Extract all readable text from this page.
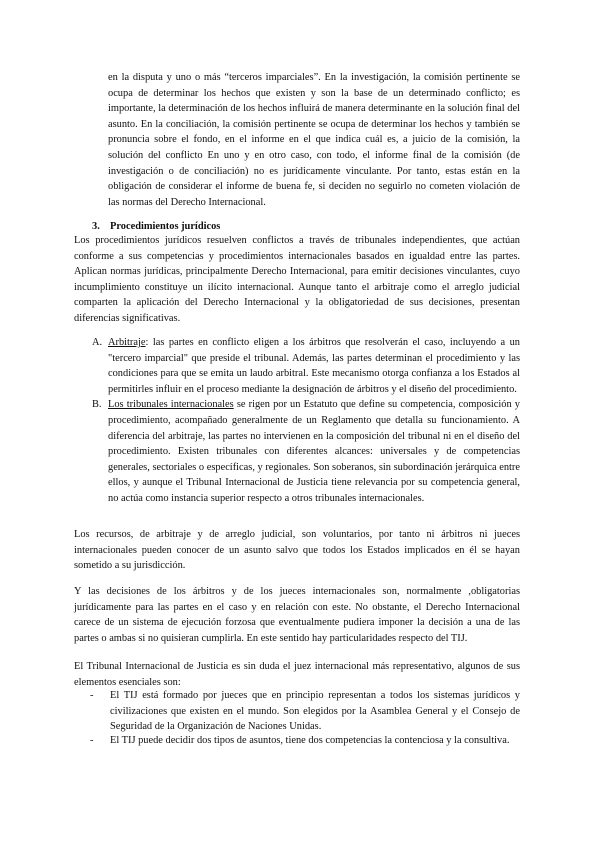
en la disputa y uno o más “terceros imparciales”. En la investigación, la comisión pertinente se ocupa de determinar los hechos que existen y son la base de un determinado conflicto; es importante, la determinación de los hechos influirá de manera determinante en la solución final del asunto. En la conciliación, la comisión pertinente se ocupa de determinar los hechos y también se pronuncia sobre el fondo, en el informe en el que indica cuál es, a juicio de la comisión, la solución del conflicto En uno y en otro caso, con todo, el informe final de la comisión (de investigación o de conciliación) no es jurídicamente vinculante. Por tanto, estas están en la obligación de considerar el informe de buena fe, si deciden no seguirlo no cometen violación de las normas del Derecho Internacional.

3. Procedimientos jurídicos

Los procedimientos jurídicos resuelven conflictos a través de tribunales independientes, que actúan conforme a sus competencias y procedimientos internacionales basados en igualdad entre las partes. Aplican normas jurídicas, principalmente Derecho Internacional, para emitir decisiones vinculantes, cuyo incumplimiento constituye un ilícito internacional. Aunque tanto el arbitraje como el arreglo judicial comparten la aplicación del Derecho Internacional y la obligatoriedad de sus decisiones, presentan diferencias significativas.

A. Arbitraje: las partes en conflicto eligen a los árbitros que resolverán el caso, incluyendo a un "tercero imparcial" que preside el tribunal. Además, las partes determinan el procedimiento y las condiciones para que se emita un laudo arbitral. Este mecanismo otorga confianza a los Estados al permitirles influir en el proceso mediante la designación de árbitros y el diseño del procedimiento.

B. Los tribunales internacionales se rigen por un Estatuto que define su competencia, composición y procedimiento, acompañado generalmente de un Reglamento que detalla su funcionamiento. A diferencia del arbitraje, las partes no intervienen en la composición del tribunal ni en el diseño del procedimiento. Existen tribunales con diferentes alcances: universales y de competencias generales, sectoriales o específicas, y regionales. Son soberanos, sin subordinación jerárquica entre ellos, y aunque el Tribunal Internacional de Justicia tiene relevancia por su competencia general, no actúa como instancia superior respecto a otros tribunales internacionales.

Los recursos, de arbitraje y de arreglo judicial, son voluntarios, por tanto ni árbitros ni jueces internacionales pueden conocer de un asunto salvo que todos los Estados implicados en él se hayan sometido a su jurisdicción.

Y las decisiones de los árbitros y de los jueces internacionales son, normalmente ,obligatorias jurídicamente para las partes en el caso y en relación con este. No obstante, el Derecho Internacional carece de un sistema de ejecución forzosa que eventualmente pudiera imponer la decisión a una de las partes o ambas si no quisieran cumplirla. En este sentido hay particularidades respecto del TIJ.

El Tribunal Internacional de Justicia es sin duda el juez internacional más representativo, algunos de sus elementos esenciales son:

-	El TIJ está formado por jueces que en principio representan a todos los sistemas jurídicos y civilizaciones que existen en el mundo. Son elegidos por la Asamblea General y el Consejo de Seguridad de la Organización de Naciones Unidas.

-	El TIJ puede decidir dos tipos de asuntos, tiene dos competencias la contenciosa y la consultiva.
